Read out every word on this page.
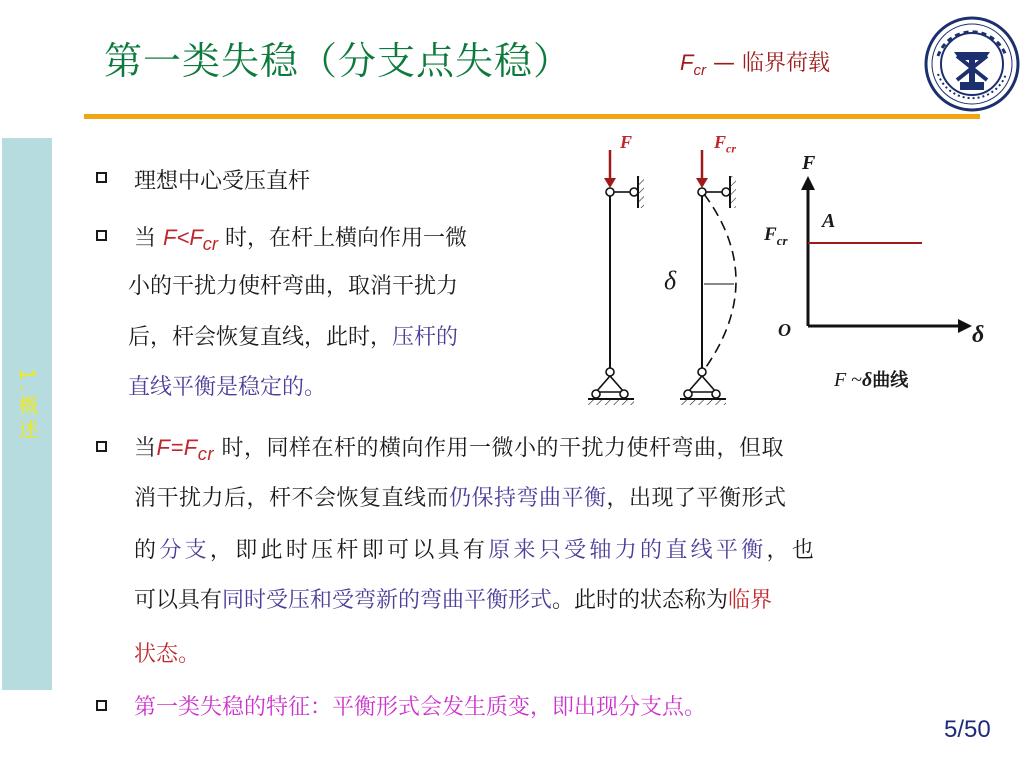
第一类失稳（分支点失稳）	$F_{cr}$ — 临界荷载
1.概述
理想中心受压直杆
当 $F<F_{cr}$ 时，在杆上横向作用一微
小的干扰力使杆弯曲，取消干扰力
后，杆会恢复直线，此时，压杆的
直线平衡是稳定的。
当$F=F_{cr}$ 时，同样在杆的横向作用一微小的干扰力使杆弯曲，但取
消干扰力后，杆不会恢复直线而仍保持弯曲平衡，出现了平衡形式
的分支，即此时压杆即可以具有原来只受轴力的直线平衡，也
可以具有同时受压和受弯新的弯曲平衡形式。此时的状态称为临界
状态。
第一类失稳的特征：平衡形式会发生质变，即出现分支点。
F	$F_{cr}$
δ
F
δ
O
A
$F_{cr}$
F ~δ曲线
5/50
